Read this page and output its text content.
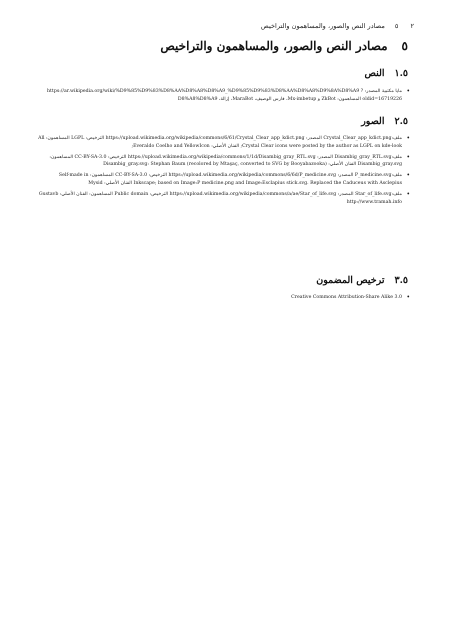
٢
٥
مصادر النص والصور، والمساهمون والتراخيص
٥مصادر النص والصور، والمساهمون والتراخيص
١.٥النص
• مايا مكتبية المصدر: https://ar.wikipedia.org/wiki/%D9%85%D9%83%D8%AA%D8%A8%D8%A9_%D9%85%D9%83%D8%AA%D8%A8%D9%8A%D8%A9 ?oldid=16719226 المساهمون: ZkBot و Mx-imbetup، فارس الوصيف، MaraBot، إزالة، D8%A8%D8%A9
٢.٥الصور
• ملف:Crystal_Clear_app_kdict.png المصدر: https://upload.wikimedia.org/wikipedia/commons/6/61/Crystal_Clear_app_kdict.png الترخيص: LGPL المساهمون: All Crystal Clear icons were posted by the author as LGPL on kde-look; الفنان الأصلي: Everaldo Coelho and YellowIcon;
• ملف:Disambig_gray_RTL.svg المصدر: https://upload.wikimedia.org/wikipedia/commons/1/1d/Disambig_gray_RTL.svg الترخيص: CC-BY-SA-3.0 المساهمون: Disambig_gray.svg الفنان الأصلي: Disambig_gray.svg: Stephan Baum (recolored by Mtaşaç, converted to SVG by Booyabazooka)
• ملف:P_medicine.svg المصدر: https://upload.wikimedia.org/wikipedia/commons/6/6d/P_medicine.svg الترخيص: CC-BY-SA-3.0 المساهمون: Self-made in Inkscape; based on Image:P medicine.png and Image:Esclapius stick.svg. Replaced the Caduceus with Asclepius الفنان الأصلي: Mysid
• ملف:Star_of_life.svg المصدر: https://upload.wikimedia.org/wikipedia/commons/a/ae/Star_of_life.svg الترخيص: Public domain المساهمون: الفنان الأصلي: Gustavb http://www.tramah.info
٣.٥ترخيص المضمون
• Creative Commons Attribution-Share Alike 3.0
